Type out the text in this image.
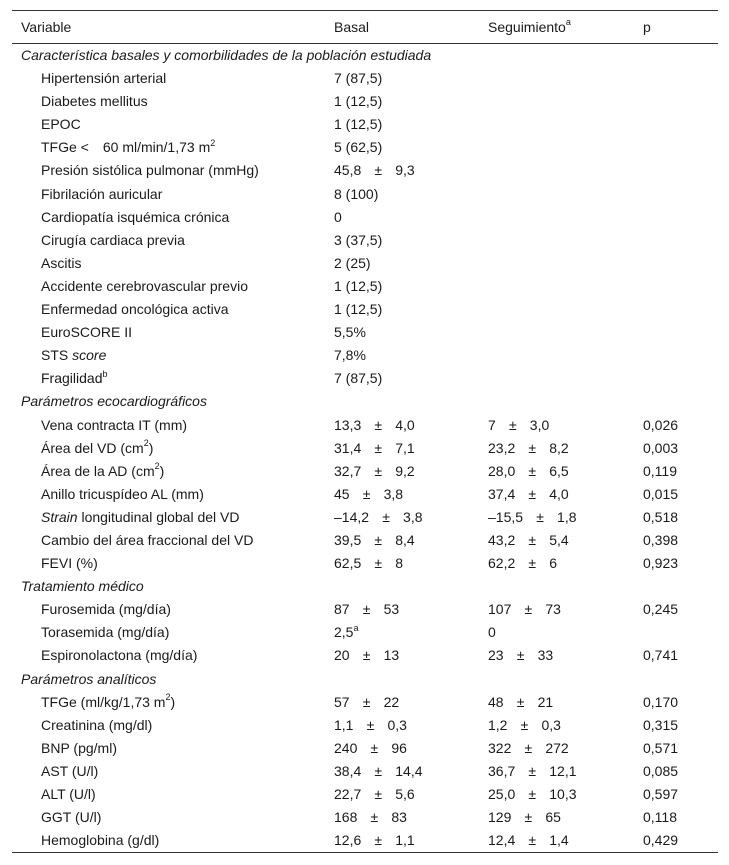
Variable	Basal	Seguimiento$^a$	p
Característica basales y comorbilidades de la población estudiada
Hipertensión arterial	7 (87,5)
Diabetes mellitus	1 (12,5)
EPOC	1 (12,5)
TFGe < 60 ml/min/1,73 $m^2$	5 (62,5)
Presión sistólica pulmonar (mmHg)	45,8 ± 9,3
Fibrilación auricular	8 (100)
Cardiopatía isquémica crónica	0
Cirugía cardiaca previa	3 (37,5)
Ascitis	2 (25)
Accidente cerebrovascular previo	1 (12,5)
Enfermedad oncológica activa	1 (12,5)
EuroSCORE II	5,5%
STS score	7,8%
Fragilidad$^b$	7 (87,5)
Parámetros ecocardiográficos
Vena contracta IT (mm)	13,3 ± 4,0	7 ± 3,0	0,026
Área del VD $(cm^2)$	31,4 ± 7,1	23,2 ± 8,2	0,003
Área de la AD $(cm^2)$	32,7 ± 9,2	28,0 ± 6,5	0,119
Anillo tricuspídeo AL (mm)	45 ± 3,8	37,4 ± 4,0	0,015
Strain longitudinal global del VD	–14,2 ± 3,8	–15,5 ± 1,8	0,518
Cambio del área fraccional del VD	39,5 ± 8,4	43,2 ± 5,4	0,398
FEVI (%)	62,5 ± 8	62,2 ± 6	0,923
Tratamiento médico
Furosemida (mg/día)	87 ± 53	107 ± 73	0,245
Torasemida (mg/día)	2,5$^a$	0
Espironolactona (mg/día)	20 ± 13	23 ± 33	0,741
Parámetros analíticos
TFGe (ml/kg/1,73 $m^2$)	57 ± 22	48 ± 21	0,170
Creatinina (mg/dl)	1,1 ± 0,3	1,2 ± 0,3	0,315
BNP (pg/ml)	240 ± 96	322 ± 272	0,571
AST (U/l)	38,4 ± 14,4	36,7 ± 12,1	0,085
ALT (U/l)	22,7 ± 5,6	25,0 ± 10,3	0,597
GGT (U/l)	168 ± 83	129 ± 65	0,118
Hemoglobina (g/dl)	12,6 ± 1,1	12,4 ± 1,4	0,429
